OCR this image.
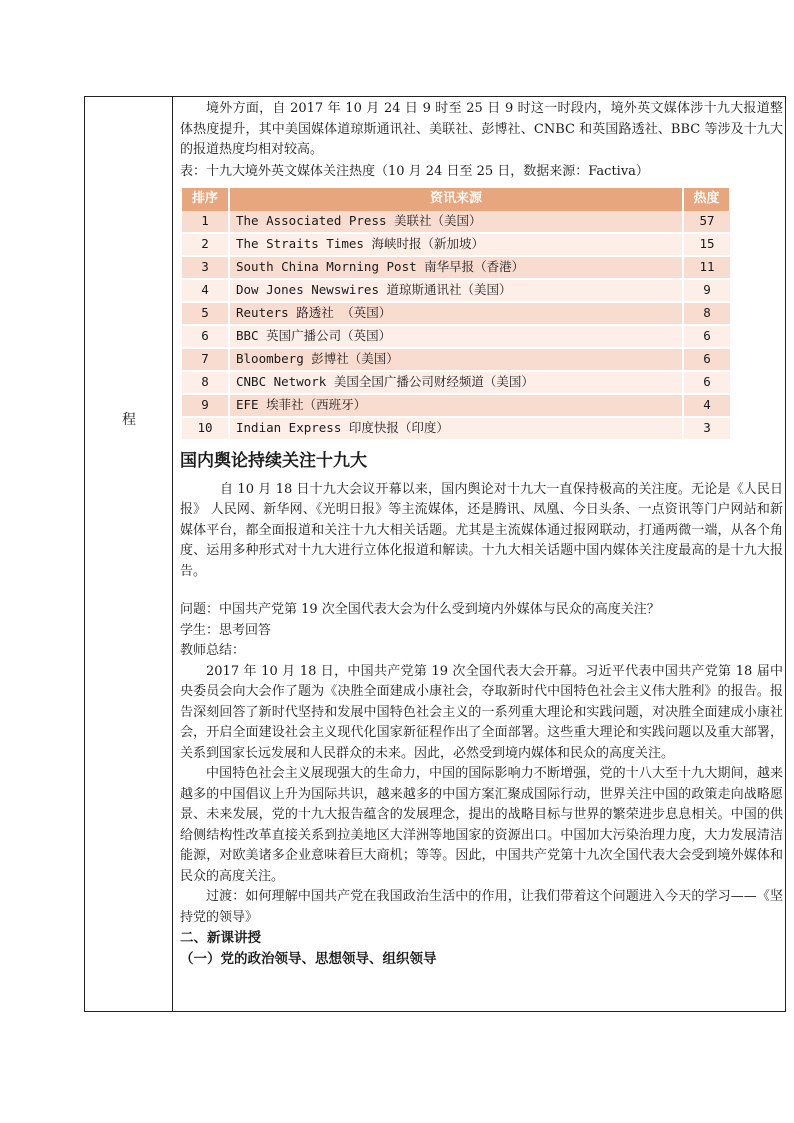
程

境外方面，自 2017 年 10 月 24 日 9 时至 25 日 9 时这一时段内，境外英文媒体涉十九大报道整体热度提升，其中美国媒体道琼斯通讯社、美联社、彭博社、CNBC 和英国路透社、BBC 等涉及十九大的报道热度均相对较高。

表：十九大境外英文媒体关注热度（10 月 24 日至 25 日，数据来源：Factiva）

排序	资讯来源	热度
1	The Associated Press 美联社（美国）	57
2	The Straits Times 海峡时报（新加坡）	15
3	South China Morning Post 南华早报（香港）	11
4	Dow Jones Newswires 道琼斯通讯社（美国）	9
5	Reuters 路透社 （英国）	8
6	BBC 英国广播公司（英国）	6
7	Bloomberg 彭博社（美国）	6
8	CNBC Network 美国全国广播公司财经频道（美国）	6
9	EFE 埃菲社（西班牙）	4
10	Indian Express 印度快报（印度）	3
国内舆论持续关注十九大

自 10 月 18 日十九大会议开幕以来，国内舆论对十九大一直保持极高的关注度。无论是《人民日报》 人民网、新华网、《光明日报》等主流媒体，还是腾讯、凤凰、今日头条、一点资讯等门户网站和新媒体平台，都全面报道和关注十九大相关话题。尤其是主流媒体通过报网联动，打通两微一端，从各个角度、运用多种形式对十九大进行立体化报道和解读。十九大相关话题中国内媒体关注度最高的是十九大报告。

问题：中国共产党第 19 次全国代表大会为什么受到境内外媒体与民众的高度关注？

学生：思考回答

教师总结：

2017 年 10 月 18 日，中国共产党第 19 次全国代表大会开幕。习近平代表中国共产党第 18 届中央委员会向大会作了题为《决胜全面建成小康社会，夺取新时代中国特色社会主义伟大胜利》的报告。报告深刻回答了新时代坚持和发展中国特色社会主义的一系列重大理论和实践问题，对决胜全面建成小康社会，开启全面建设社会主义现代化国家新征程作出了全面部署。这些重大理论和实践问题以及重大部署，关系到国家长远发展和人民群众的未来。因此，必然受到境内媒体和民众的高度关注。

中国特色社会主义展现强大的生命力，中国的国际影响力不断增强，党的十八大至十九大期间，越来越多的中国倡议上升为国际共识，越来越多的中国方案汇聚成国际行动，世界关注中国的政策走向战略愿景、未来发展，党的十九大报告蕴含的发展理念，提出的战略目标与世界的繁荣进步息息相关。中国的供给侧结构性改革直接关系到拉美地区大洋洲等地国家的资源出口。中国加大污染治理力度，大力发展清洁能源，对欧美诸多企业意味着巨大商机；等等。因此，中国共产党第十九次全国代表大会受到境外媒体和民众的高度关注。

过渡：如何理解中国共产党在我国政治生活中的作用，让我们带着这个问题进入今天的学习——《坚持党的领导》

二、新课讲授

（一）党的政治领导、思想领导、组织领导
